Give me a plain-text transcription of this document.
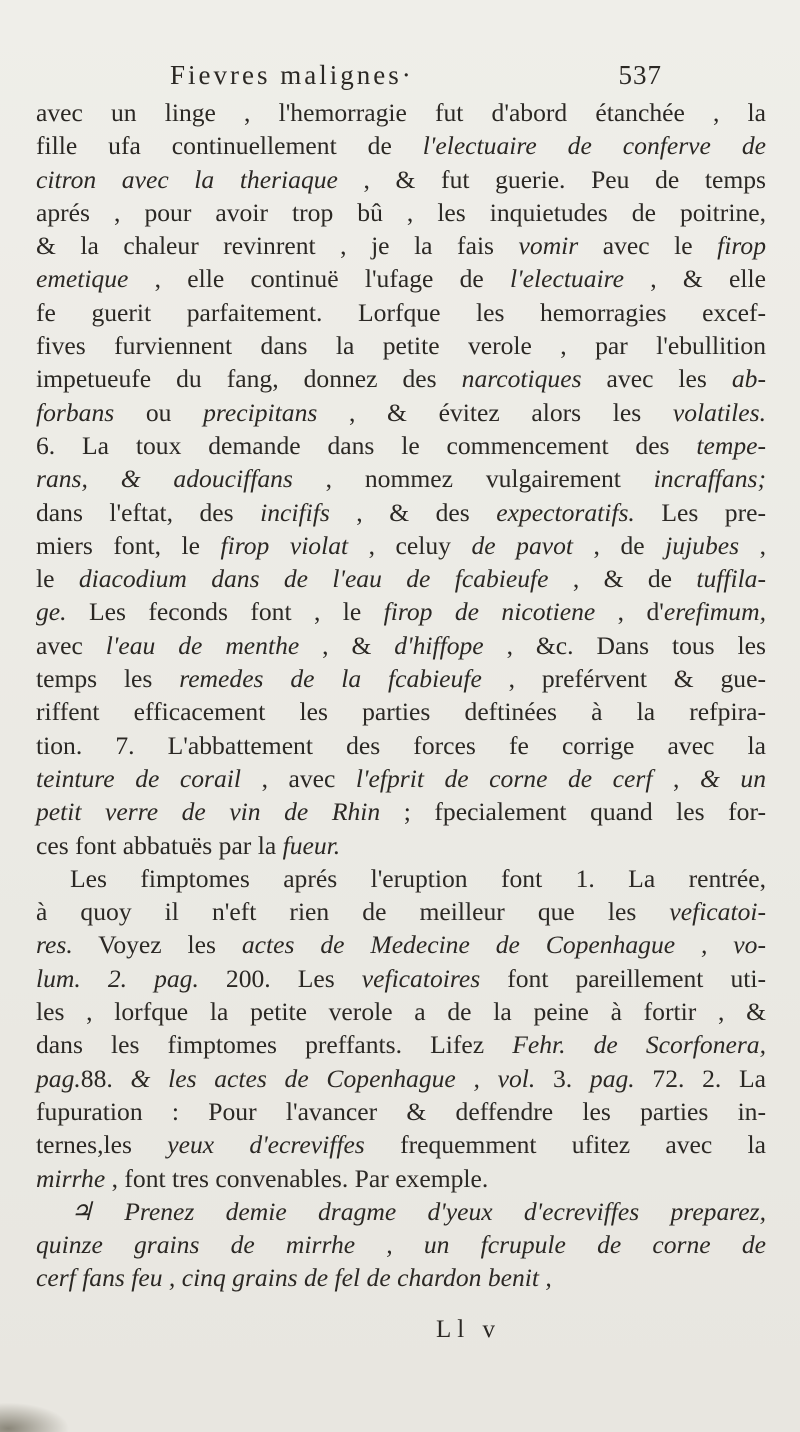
Fievres malignes·	537
avec un linge , l'hemorragie fut d'abord étanchée , la
fille ufa continuellement de l'electuaire de conferve de
citron avec la theriaque , & fut guerie. Peu de temps
aprés , pour avoir trop bû , les inquietudes de poitrine,
& la chaleur revinrent , je la fais vomir avec le firop
emetique , elle continuë l'ufage de l'electuaire , & elle
fe guerit parfaitement. Lorfque les hemorragies excef-
fives furviennent dans la petite verole , par l'ebullition
impetueufe du fang, donnez des narcotiques avec les ab-
forbans ou precipitans , & évitez alors les volatiles.
6. La toux demande dans le commencement des tempe-
rans, & adouciffans , nommez vulgairement incraffans;
dans l'eftat, des incififs , & des expectoratifs. Les pre-
miers font, le firop violat , celuy de pavot , de jujubes ,
le diacodium dans de l'eau de fcabieufe , & de tuffila-
ge. Les feconds font , le firop de nicotiene , d'erefimum,
avec l'eau de menthe , & d'hiffope , &c. Dans tous les
temps les remedes de la fcabieufe , preférvent & gue-
riffent efficacement les parties deftinées à la refpira-
tion. 7. L'abbattement des forces fe corrige avec la
teinture de corail , avec l'efprit de corne de cerf , & un
petit verre de vin de Rhin ; fpecialement quand les for-
ces font abbatuës par la fueur.
Les fimptomes aprés l'eruption font 1. La rentrée,
à quoy il n'eft rien de meilleur que les veficatoi-
res. Voyez les actes de Medecine de Copenhague , vo-
lum. 2. pag. 200. Les veficatoires font pareillement uti-
les , lorfque la petite verole a de la peine à fortir , &
dans les fimptomes preffants. Lifez Fehr. de Scorfonera,
pag.88. & les actes de Copenhague , vol. 3. pag. 72. 2. La
fupuration : Pour l'avancer & deffendre les parties in-
ternes,les yeux d'ecreviffes frequemment ufitez avec la
mirrhe , font tres convenables. Par exemple.
♃ Prenez demie dragme d'yeux d'ecreviffes preparez,
quinze grains de mirrhe , un fcrupule de corne de
cerf fans feu , cinq grains de fel de chardon benit ,
Ll v
